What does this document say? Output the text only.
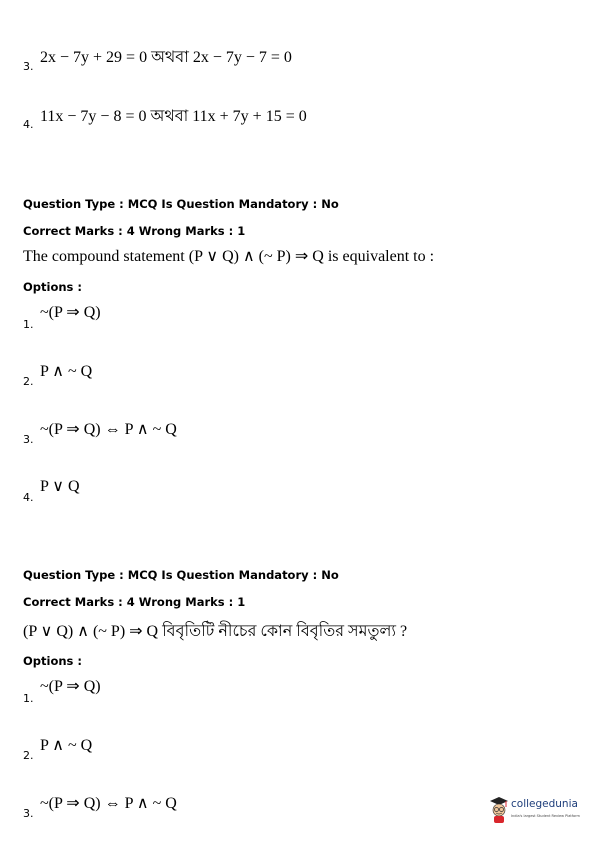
3.
2x − 7y + 29 = 0 অথবা 2x − 7y − 7 = 0
4. 11x − 7y − 8 = 0 অথবা 11x + 7y + 15 = 0
Question Type : MCQ Is Question Mandatory : No
Correct Marks : 4 Wrong Marks : 1
The compound statement (P ∨ Q) ∧ (~ P) ⇒ Q is equivalent to :
Options :
1.
~(P ⇒ Q)
2.
P ∧ ~ Q
3.
~(P ⇒ Q) ⇔ P ∧ ~ Q
4.
P ∨ Q
Question Type : MCQ Is Question Mandatory : No
Correct Marks : 4 Wrong Marks : 1
(P ∨ Q) ∧ (~ P) ⇒ Q বিবৃতিটি নীচের কোন বিবৃতির সমতুল্য ?
Options :
1.
~(P ⇒ Q)
2.
P ∧ ~ Q
3.
~(P ⇒ Q) ⇔ P ∧ ~ Q	collegedunia
India's largest Student Review Platform
